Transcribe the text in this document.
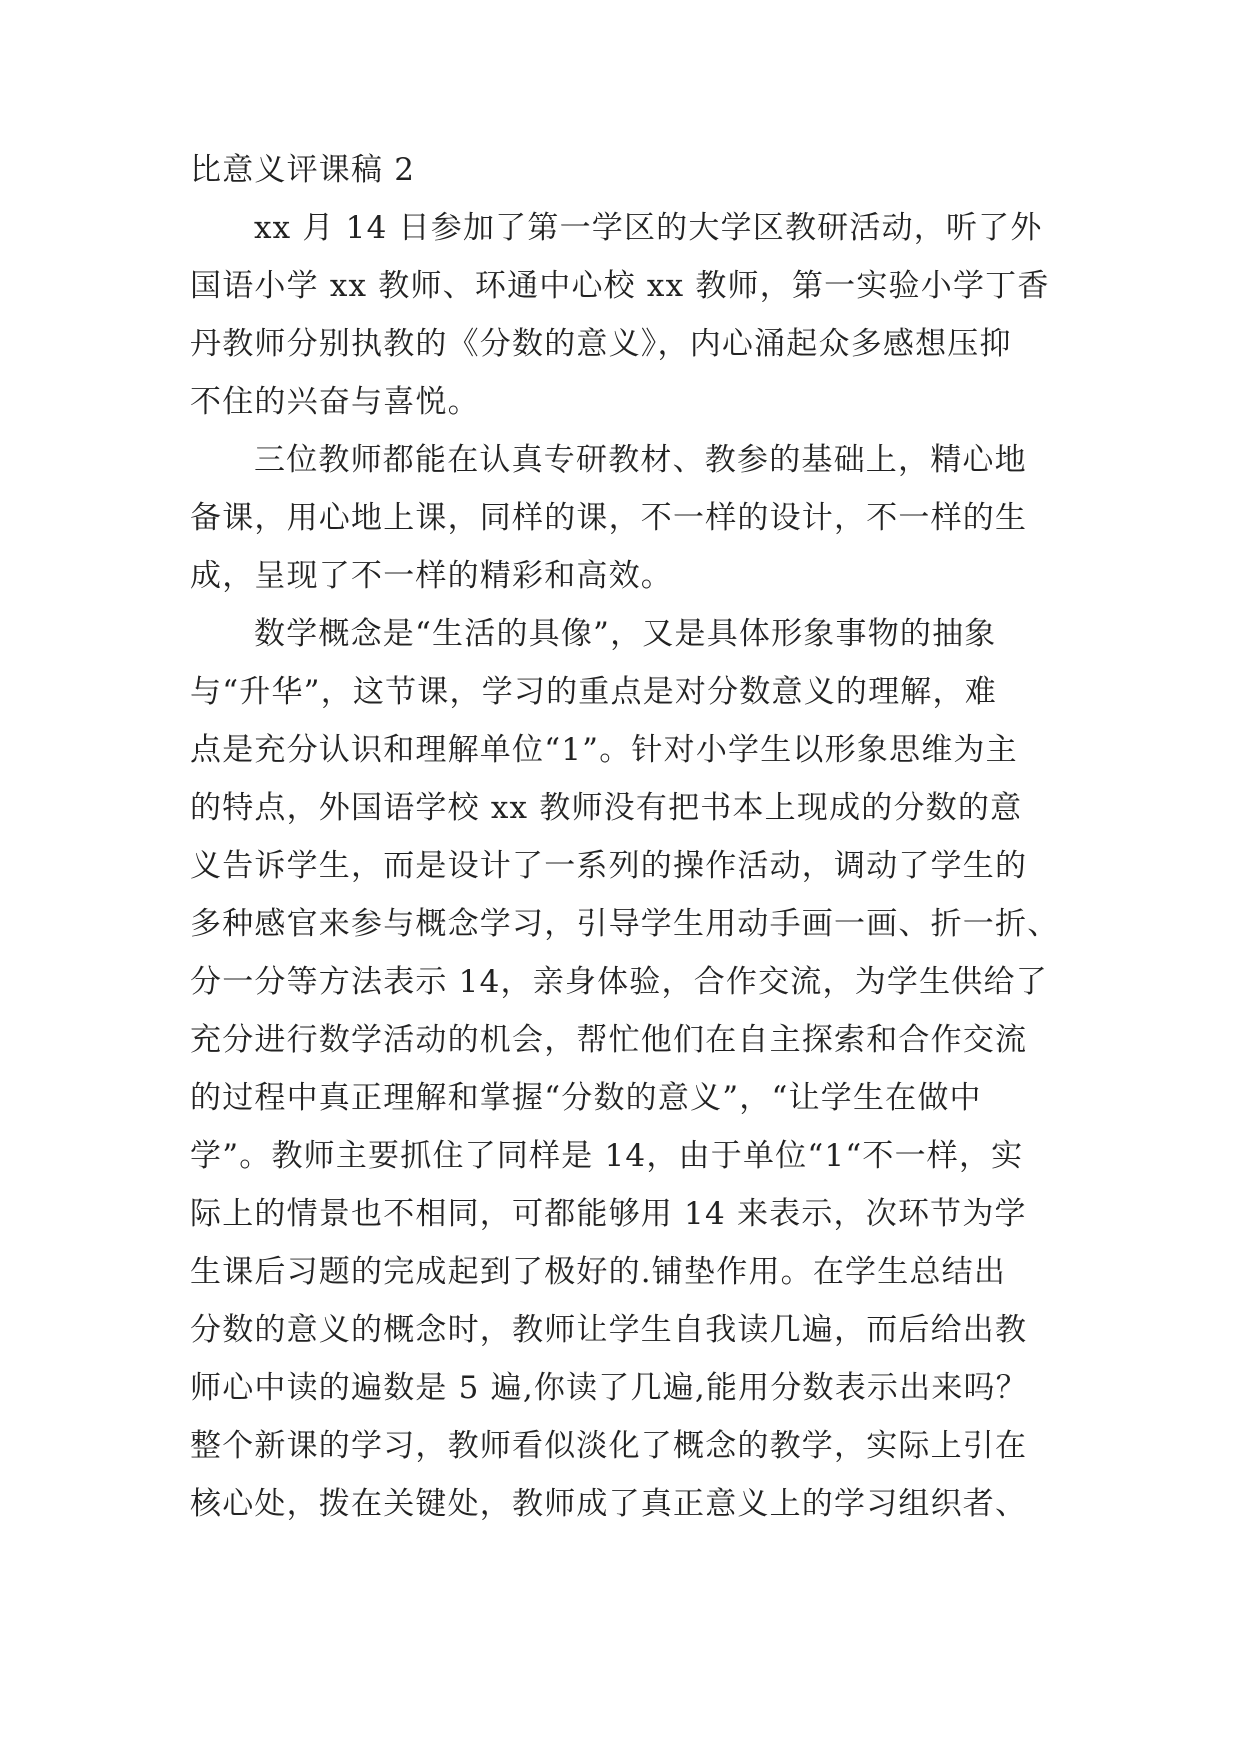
比意义评课稿 2
xx 月 14 日参加了第一学区的大学区教研活动，听了外
国语小学 xx 教师、环通中心校 xx 教师，第一实验小学丁香
丹教师分别执教的《分数的意义》，内心涌起众多感想压抑
不住的兴奋与喜悦。
三位教师都能在认真专研教材、教参的基础上，精心地
备课，用心地上课，同样的课，不一样的设计，不一样的生
成，呈现了不一样的精彩和高效。
数学概念是“生活的具像”，又是具体形象事物的抽象
与“升华”，这节课，学习的重点是对分数意义的理解，难
点是充分认识和理解单位“1”。针对小学生以形象思维为主
的特点，外国语学校 xx 教师没有把书本上现成的分数的意
义告诉学生，而是设计了一系列的操作活动，调动了学生的
多种感官来参与概念学习，引导学生用动手画一画、折一折、
分一分等方法表示 14，亲身体验，合作交流，为学生供给了
充分进行数学活动的机会，帮忙他们在自主探索和合作交流
的过程中真正理解和掌握“分数的意义”，“让学生在做中
学”。教师主要抓住了同样是 14，由于单位“1“不一样，实
际上的情景也不相同，可都能够用 14 来表示，次环节为学
生课后习题的完成起到了极好的.铺垫作用。在学生总结出
分数的意义的概念时，教师让学生自我读几遍，而后给出教
师心中读的遍数是 5 遍,你读了几遍,能用分数表示出来吗？
整个新课的学习，教师看似淡化了概念的教学，实际上引在
核心处，拨在关键处，教师成了真正意义上的学习组织者、
